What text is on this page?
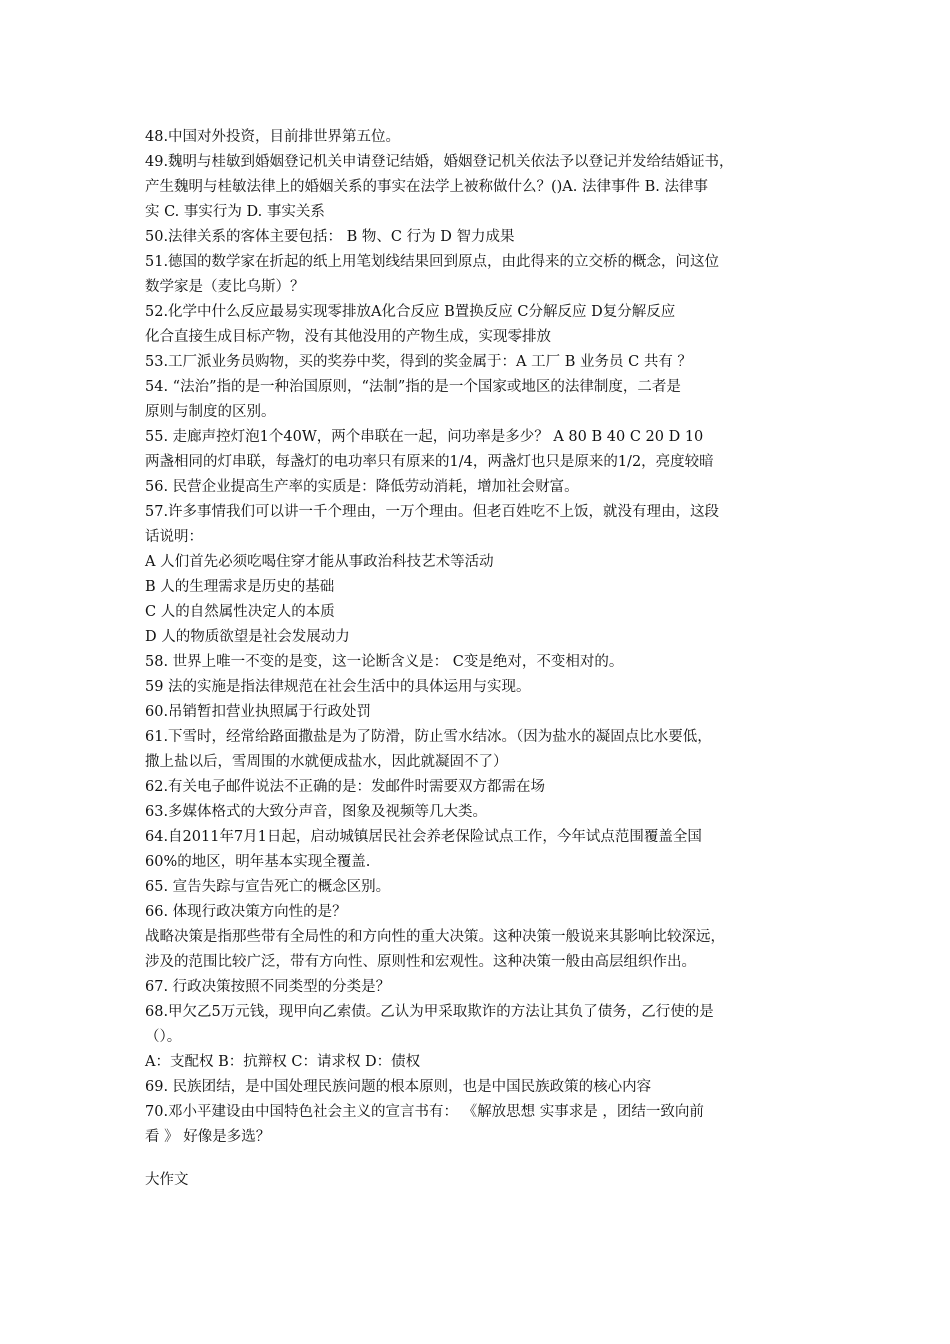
48.中国对外投资，目前排世界第五位。
49.魏明与桂敏到婚姻登记机关申请登记结婚，婚姻登记机关依法予以登记并发给结婚证书，
产生魏明与桂敏法律上的婚姻关系的事实在法学上被称做什么？()A. 法律事件 B. 法律事
实 C. 事实行为 D. 事实关系
50.法律关系的客体主要包括： B 物、C 行为 D 智力成果
51.德国的数学家在折起的纸上用笔划线结果回到原点，由此得来的立交桥的概念，问这位
数学家是（麦比乌斯）？
52.化学中什么反应最易实现零排放A化合反应 B置换反应 C分解反应 D复分解反应
化合直接生成目标产物，没有其他没用的产物生成，实现零排放
53.工厂派业务员购物，买的奖券中奖，得到的奖金属于：A 工厂 B 业务员 C 共有 ？
54. “法治”指的是一种治国原则，“法制”指的是一个国家或地区的法律制度，二者是
原则与制度的区别。
55. 走廊声控灯泡1个40W，两个串联在一起，问功率是多少？ A 80 B 40 C 20 D 10
两盏相同的灯串联，每盏灯的电功率只有原来的1/4，两盏灯也只是原来的1/2，亮度较暗
56. 民营企业提高生产率的实质是：降低劳动消耗，增加社会财富。
57.许多事情我们可以讲一千个理由，一万个理由。但老百姓吃不上饭，就没有理由，这段
话说明：
A 人们首先必须吃喝住穿才能从事政治科技艺术等活动
B 人的生理需求是历史的基础
C 人的自然属性决定人的本质
D 人的物质欲望是社会发展动力
58. 世界上唯一不变的是变，这一论断含义是： C变是绝对，不变相对的。
59 法的实施是指法律规范在社会生活中的具体运用与实现。
60.吊销暂扣营业执照属于行政处罚
61.下雪时，经常给路面撒盐是为了防滑，防止雪水结冰。（因为盐水的凝固点比水要低，
撒上盐以后，雪周围的水就便成盐水，因此就凝固不了）
62.有关电子邮件说法不正确的是：发邮件时需要双方都需在场
63.多媒体格式的大致分声音，图象及视频等几大类。
64.自2011年7月1日起，启动城镇居民社会养老保险试点工作，今年试点范围覆盖全国
60%的地区，明年基本实现全覆盖.
65. 宣告失踪与宣告死亡的概念区别。
66. 体现行政决策方向性的是？
战略决策是指那些带有全局性的和方向性的重大决策。这种决策一般说来其影响比较深远，
涉及的范围比较广泛，带有方向性、原则性和宏观性。这种决策一般由高层组织作出。
67. 行政决策按照不同类型的分类是？
68.甲欠乙5万元钱，现甲向乙索债。乙认为甲采取欺诈的方法让其负了债务，乙行使的是
（）。
A：支配权 B：抗辩权 C：请求权 D：债权
69. 民族团结，是中国处理民族问题的根本原则，也是中国民族政策的核心内容
70.邓小平建设由中国特色社会主义的宣言书有： 《解放思想 实事求是 ，团结一致向前
看 》 好像是多选？
大作文
